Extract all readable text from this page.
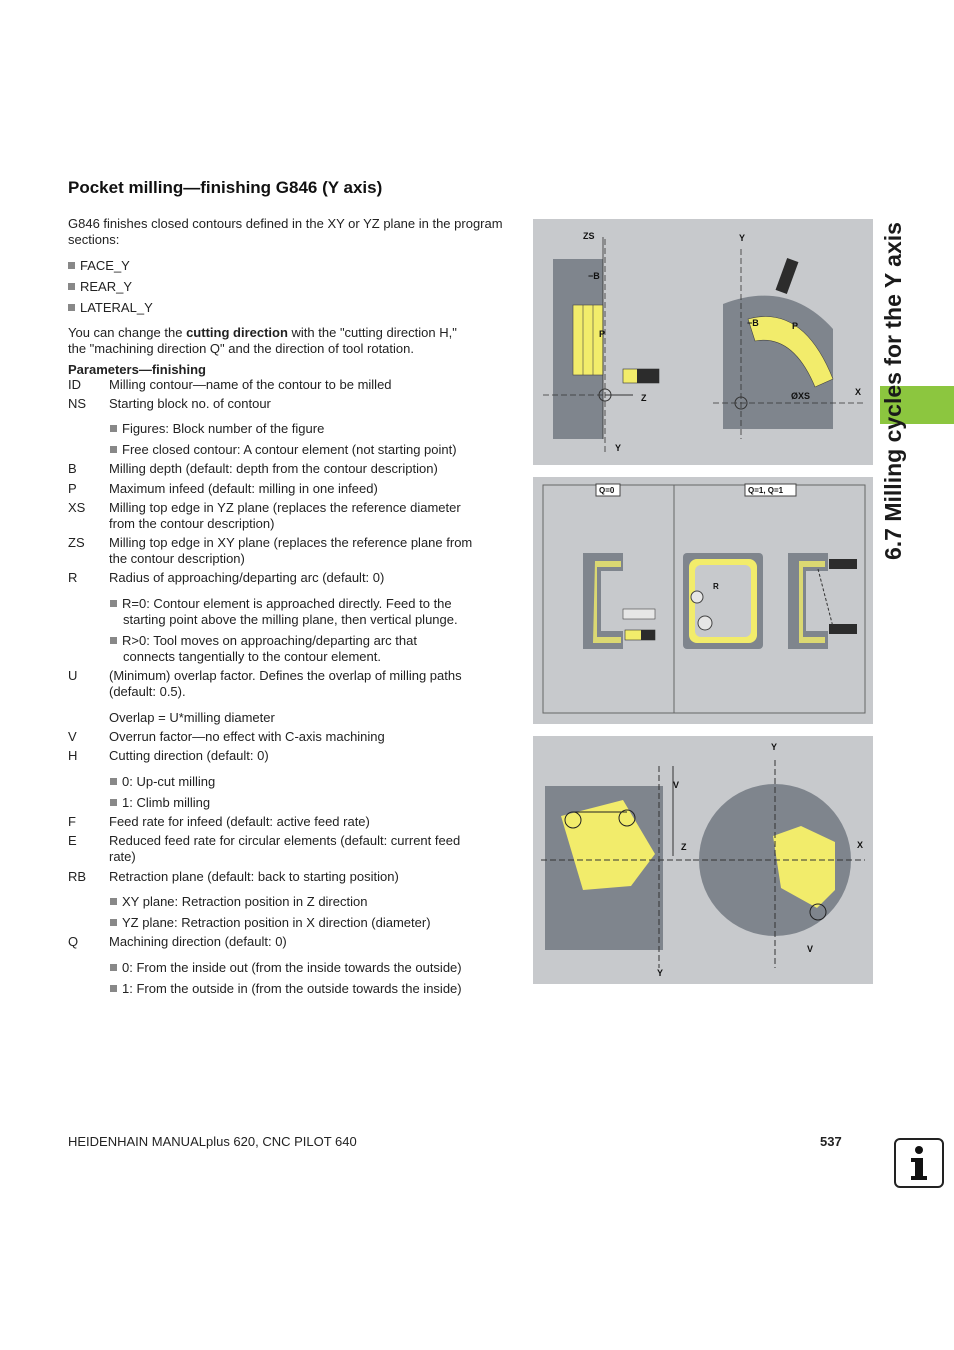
6.7 Milling cycles for the Y axis
Pocket milling—finishing G846 (Y axis)
G846 finishes closed contours defined in the XY or YZ plane in the program sections:
FACE_Y
REAR_Y
LATERAL_Y
You can change the cutting direction with the "cutting direction H,"
the "machining direction Q" and the direction of tool rotation.
Parameters—finishing
ID	Milling contour—name of the contour to be milled
NS	Starting block no. of contour
Figures: Block number of the figure
Free closed contour: A contour element (not starting point)
B	Milling depth (default: depth from the contour description)
P	Maximum infeed (default: milling in one infeed)
XS	Milling top edge in YZ plane (replaces the reference diameter
from the contour description)
ZS	Milling top edge in XY plane (replaces the reference plane from
the contour description)
R	Radius of approaching/departing arc (default: 0)
R=0: Contour element is approached directly. Feed to the
starting point above the milling plane, then vertical plunge.
R>0: Tool moves on approaching/departing arc that
connects tangentially to the contour element.
U	(Minimum) overlap factor. Defines the overlap of milling paths
(default: 0.5).
Overlap = U*milling diameter
V	Overrun factor—no effect with C-axis machining
H	Cutting direction (default: 0)
0: Up-cut milling
1: Climb milling
F	Feed rate for infeed (default: active feed rate)
E	Reduced feed rate for circular elements (default: current feed
rate)
RB	Retraction plane (default: back to starting position)
XY plane: Retraction position in Z direction
YZ plane: Retraction position in X direction (diameter)
Q	Machining direction (default: 0)
0: From the inside out (from the inside towards the outside)
1: From the outside in (from the outside towards the inside)
ZS
−B
P
Z
Y
Y
−B	P
ØXS	X
Q=0	Q=1, Q=1
R
V
Z
Y
Y
X
V
HEIDENHAIN MANUALplus 620, CNC PILOT 640	537
